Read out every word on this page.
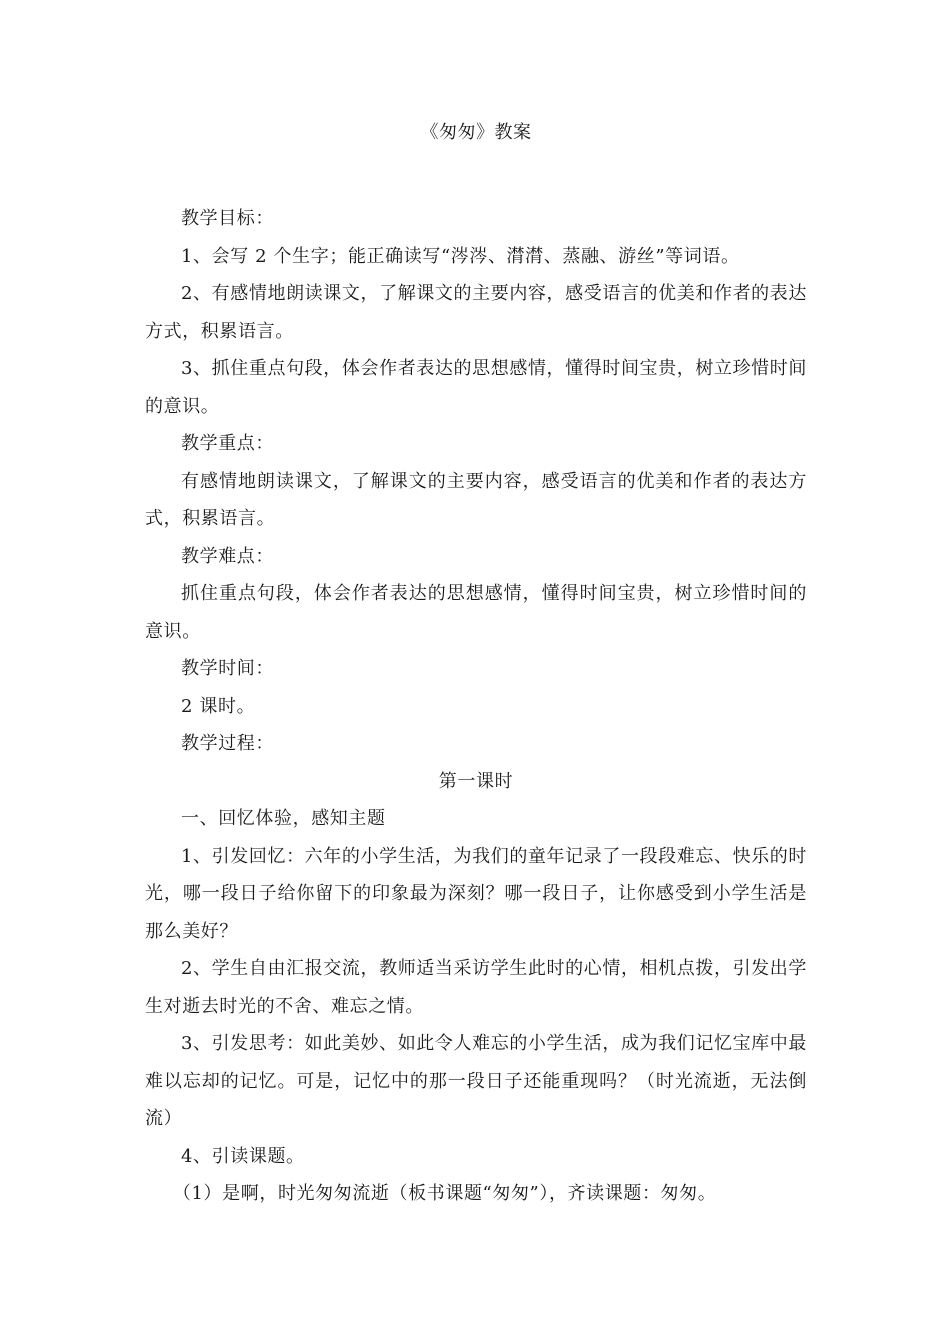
《匆匆》教案

教学目标：

1、会写 2 个生字；能正确读写“涔涔、潸潸、蒸融、游丝”等词语。

2、有感情地朗读课文，了解课文的主要内容，感受语言的优美和作者的表达方式，积累语言。

3、抓住重点句段，体会作者表达的思想感情，懂得时间宝贵，树立珍惜时间的意识。

教学重点：

有感情地朗读课文，了解课文的主要内容，感受语言的优美和作者的表达方式，积累语言。

教学难点：

抓住重点句段，体会作者表达的思想感情，懂得时间宝贵，树立珍惜时间的意识。

教学时间：

2 课时。

教学过程：

第一课时

一、回忆体验，感知主题

1、引发回忆：六年的小学生活，为我们的童年记录了一段段难忘、快乐的时光，哪一段日子给你留下的印象最为深刻？哪一段日子，让你感受到小学生活是那么美好？

2、学生自由汇报交流，教师适当采访学生此时的心情，相机点拨，引发出学生对逝去时光的不舍、难忘之情。

3、引发思考：如此美妙、如此令人难忘的小学生活，成为我们记忆宝库中最难以忘却的记忆。可是，记忆中的那一段日子还能重现吗？（时光流逝，无法倒流）

4、引读课题。

（1）是啊，时光匆匆流逝（板书课题“匆匆”），齐读课题：匆匆。
